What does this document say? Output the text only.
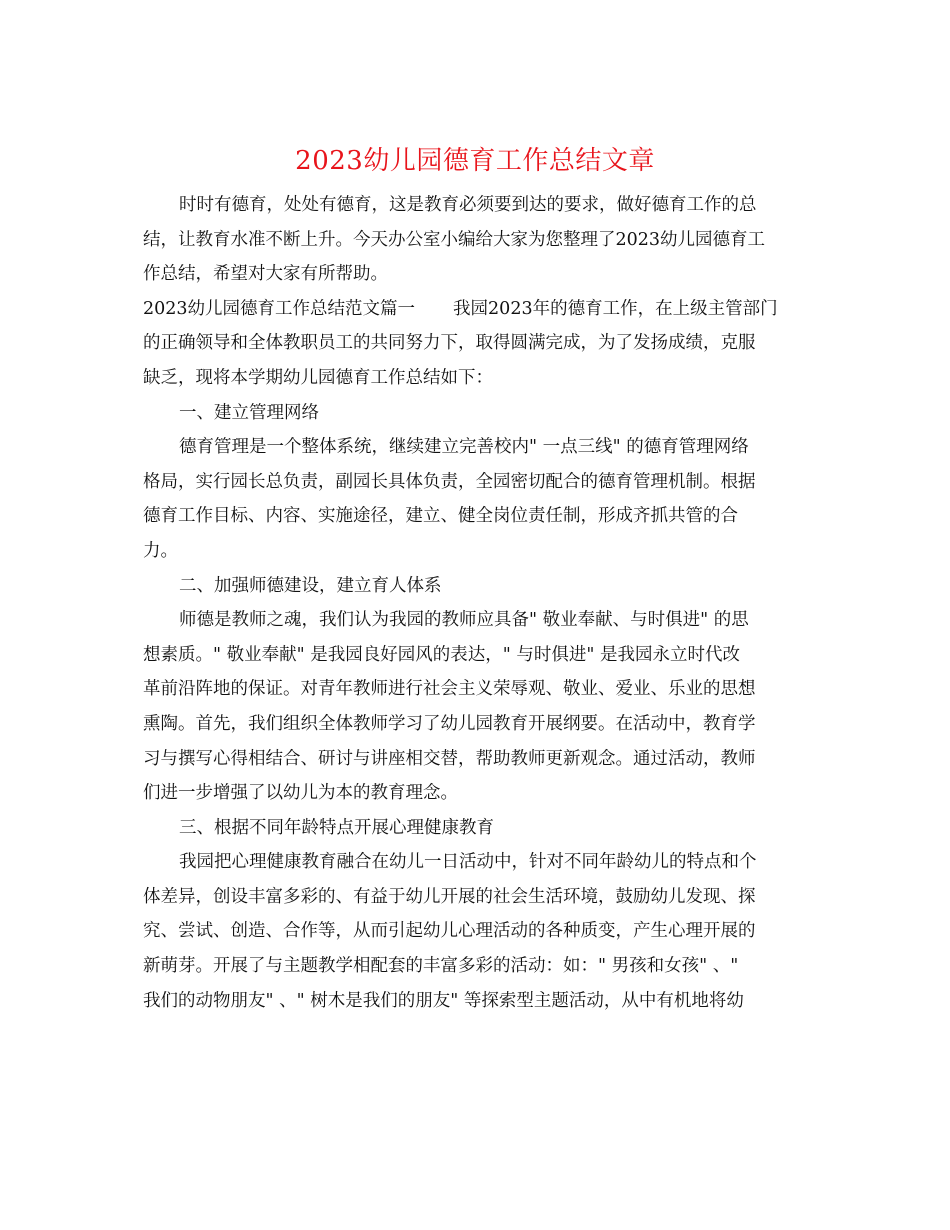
2023幼儿园德育工作总结文章
时时有德育，处处有德育，这是教育必须要到达的要求，做好德育工作的总
结，让教育水准不断上升。今天办公室小编给大家为您整理了2023幼儿园德育工
作总结，希望对大家有所帮助。
2023幼儿园德育工作总结范文篇一 我园2023年的德育工作，在上级主管部门
的正确领导和全体教职员工的共同努力下，取得圆满完成，为了发扬成绩，克服
缺乏，现将本学期幼儿园德育工作总结如下：
一、建立管理网络
德育管理是一个整体系统，继续建立完善校内" 一点三线" 的德育管理网络
格局，实行园长总负责，副园长具体负责，全园密切配合的德育管理机制。根据
德育工作目标、内容、实施途径，建立、健全岗位责任制，形成齐抓共管的合
力。
二、加强师德建设，建立育人体系
师德是教师之魂，我们认为我园的教师应具备" 敬业奉献、与时俱进" 的思
想素质。" 敬业奉献" 是我园良好园风的表达，" 与时俱进" 是我园永立时代改
革前沿阵地的保证。对青年教师进行社会主义荣辱观、敬业、爱业、乐业的思想
熏陶。首先，我们组织全体教师学习了幼儿园教育开展纲要。在活动中，教育学
习与撰写心得相结合、研讨与讲座相交替，帮助教师更新观念。通过活动，教师
们进一步增强了以幼儿为本的教育理念。
三、根据不同年龄特点开展心理健康教育
我园把心理健康教育融合在幼儿一日活动中，针对不同年龄幼儿的特点和个
体差异，创设丰富多彩的、有益于幼儿开展的社会生活环境，鼓励幼儿发现、探
究、尝试、创造、合作等，从而引起幼儿心理活动的各种质变，产生心理开展的
新萌芽。开展了与主题教学相配套的丰富多彩的活动：如：" 男孩和女孩" 、"
我们的动物朋友" 、" 树木是我们的朋友" 等探索型主题活动，从中有机地将幼
